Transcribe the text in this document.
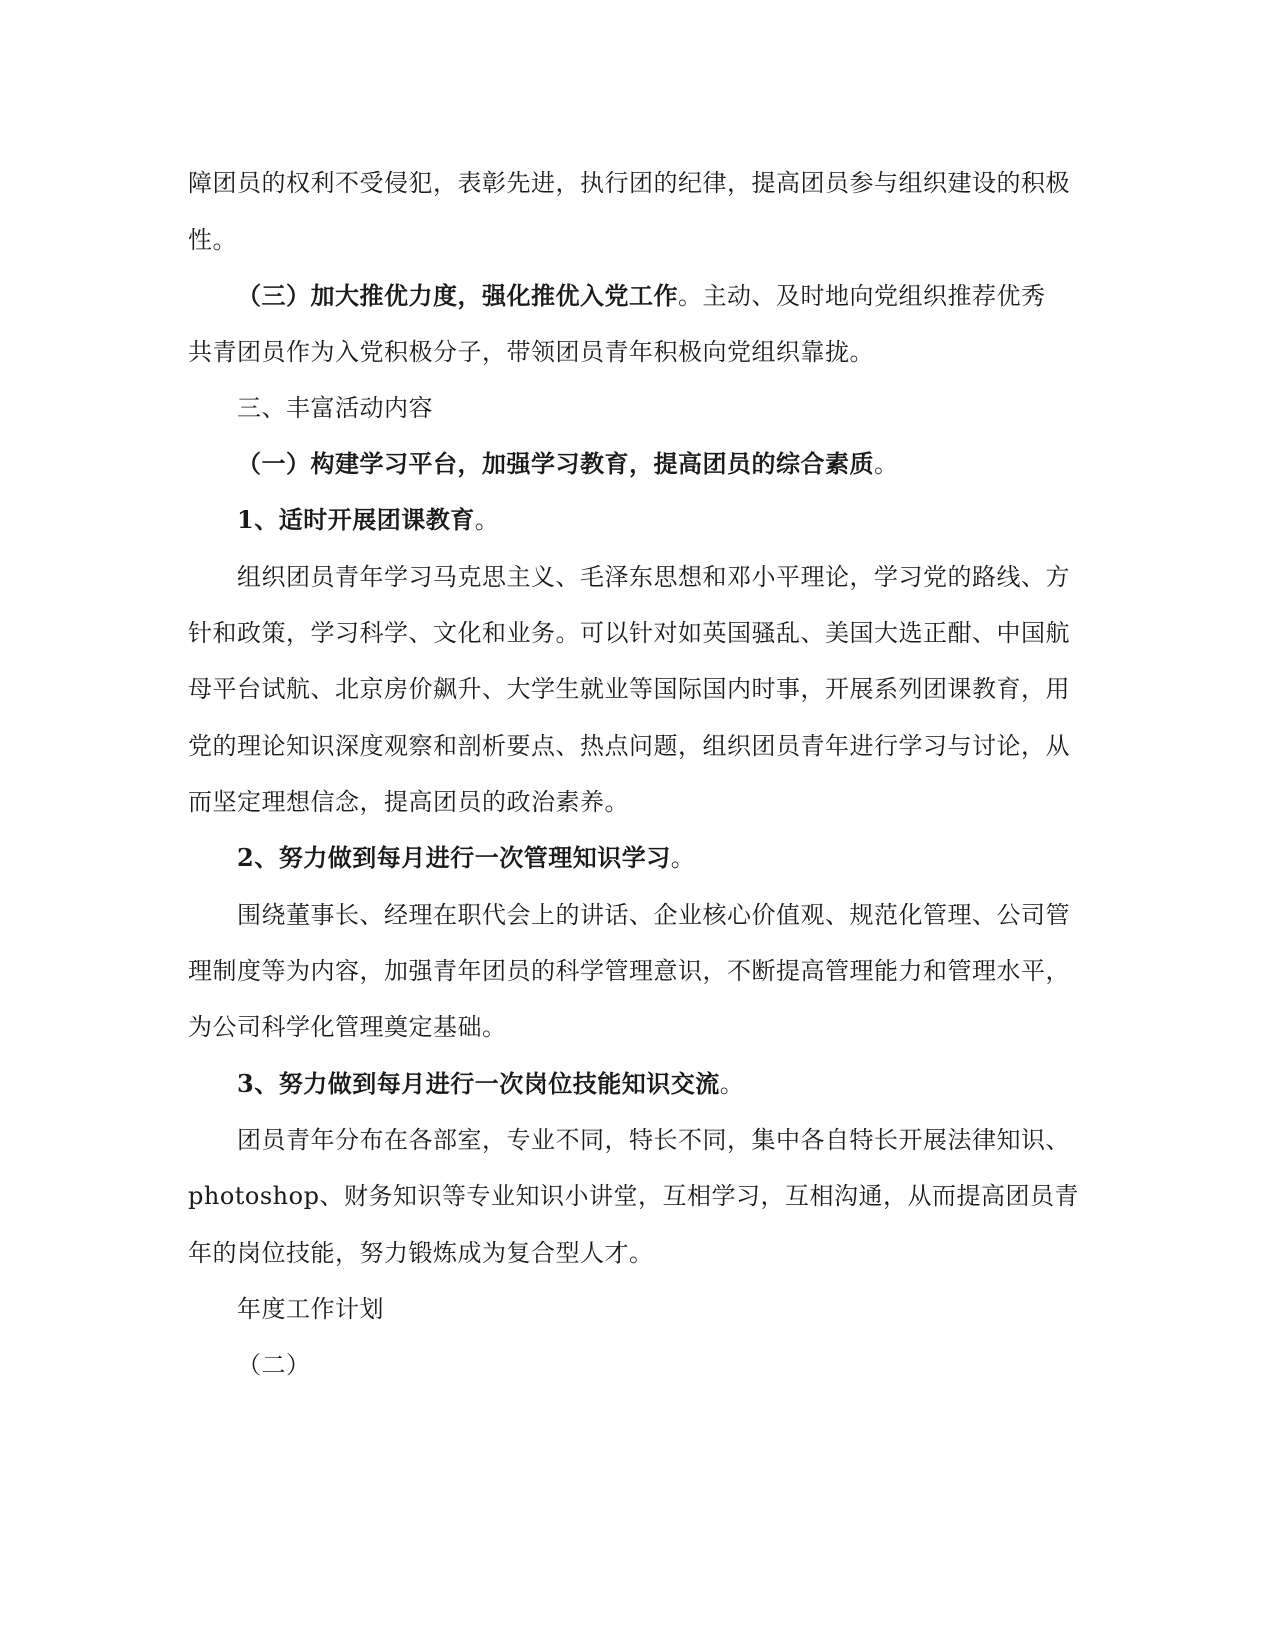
障团员的权利不受侵犯，表彰先进，执行团的纪律，提高团员参与组织建设的积极
性。
（三）加大推优力度，强化推优入党工作。主动、及时地向党组织推荐优秀
共青团员作为入党积极分子，带领团员青年积极向党组织靠拢。
三、丰富活动内容
（一）构建学习平台，加强学习教育，提高团员的综合素质。
1、适时开展团课教育。
组织团员青年学习马克思主义、毛泽东思想和邓小平理论，学习党的路线、方
针和政策，学习科学、文化和业务。可以针对如英国骚乱、美国大选正酣、中国航
母平台试航、北京房价飙升、大学生就业等国际国内时事，开展系列团课教育，用
党的理论知识深度观察和剖析要点、热点问题，组织团员青年进行学习与讨论，从
而坚定理想信念，提高团员的政治素养。
2、努力做到每月进行一次管理知识学习。
围绕董事长、经理在职代会上的讲话、企业核心价值观、规范化管理、公司管
理制度等为内容，加强青年团员的科学管理意识，不断提高管理能力和管理水平，
为公司科学化管理奠定基础。
3、努力做到每月进行一次岗位技能知识交流。
团员青年分布在各部室，专业不同，特长不同，集中各自特长开展法律知识、
photoshop、财务知识等专业知识小讲堂，互相学习，互相沟通，从而提高团员青
年的岗位技能，努力锻炼成为复合型人才。
年度工作计划
（二）
